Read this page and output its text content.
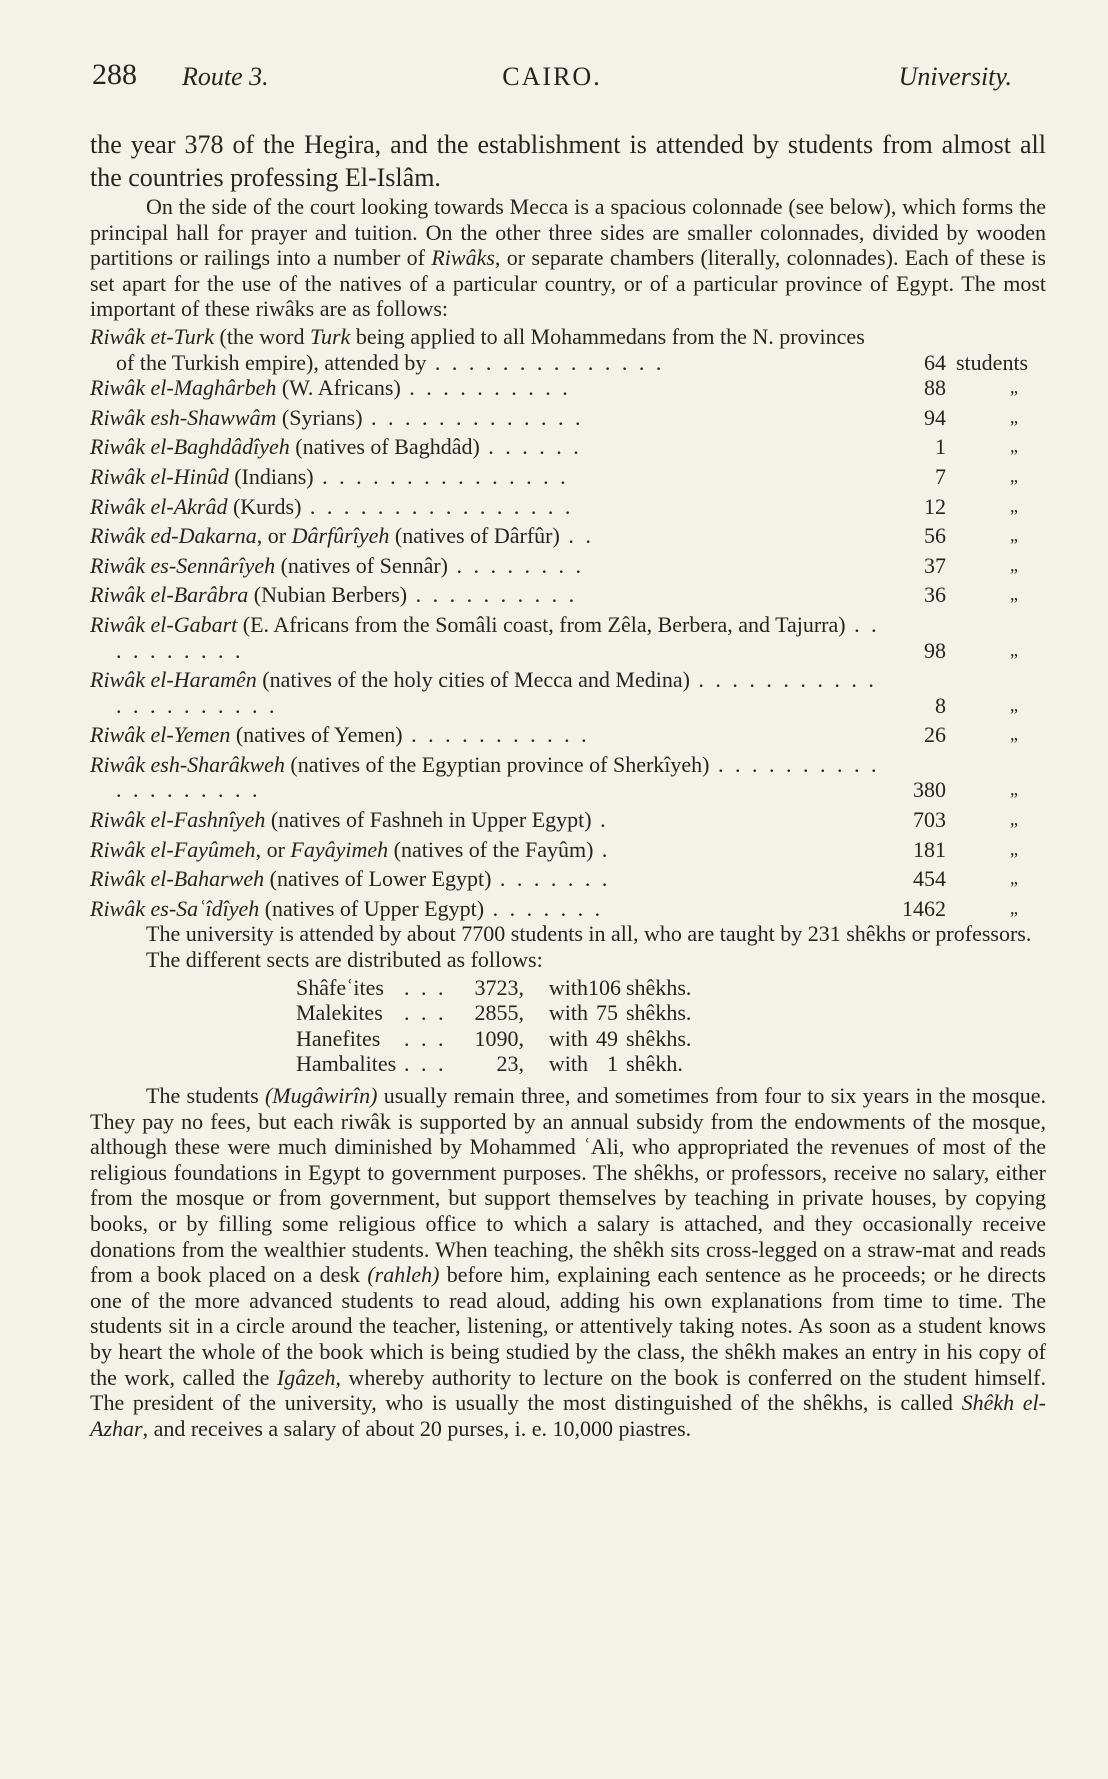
288 Route 3.	CAIRO.	University.

the year 378 of the Hegira, and the establishment is attended by students from almost all the countries professing El-Islâm.

On the side of the court looking towards Mecca is a spacious colonnade (see below), which forms the principal hall for prayer and tuition. On the other three sides are smaller colonnades, divided by wooden partitions or railings into a number of Riwâks, or separate chambers (literally, colonnades). Each of these is set apart for the use of the natives of a particular country, or of a particular province of Egypt. The most important of these riwâks are as follows:

Riwâk et-Turk (the word Turk being applied to all Mohammedans from the N. provinces of the Turkish empire), attended by . . . . . . . . . . . . . .	64 students
Riwâk el-Maghârbeh (W. Africans) . . . . . . . . . .	88	„
Riwâk esh-Shawwâm (Syrians) . . . . . . . . . . . . .	94	„
Riwâk el-Baghdâdîyeh (natives of Baghdâd) . . . . . .	1	„
Riwâk el-Hinûd (Indians) . . . . . . . . . . . . . . .	7	„
Riwâk el-Akrâd (Kurds) . . . . . . . . . . . . . . . .	12	„
Riwâk ed-Dakarna, or Dârfûrîyeh (natives of Dârfûr) . .	56	„
Riwâk es-Sennârîyeh (natives of Sennâr) . . . . . . . .	37	„
Riwâk el-Barâbra (Nubian Berbers) . . . . . . . . . .	36	„
Riwâk el-Gabart (E. Africans from the Somâli coast, from Zêla, Berbera, and Tajurra) . . . . . . . . . .	98	„
Riwâk el-Haramên (natives of the holy cities of Mecca and Medina) . . . . . . . . . . . . . . . . . . . . .	8	„
Riwâk el-Yemen (natives of Yemen) . . . . . . . . . . .	26	„
Riwâk esh-Sharâkweh (natives of the Egyptian province of Sherkîyeh) . . . . . . . . . . . . . . . . . . .	380	„
Riwâk el-Fashnîyeh (natives of Fashneh in Upper Egypt) .	703	„
Riwâk el-Fayûmeh, or Fayâyimeh (natives of the Fayûm) .	181	„
Riwâk el-Baharweh (natives of Lower Egypt) . . . . . . .	454	„
Riwâk es-Saʿîdîyeh (natives of Upper Egypt) . . . . . . .	1462	„

The university is attended by about 7700 students in all, who are taught by 231 shêkhs or professors.

The different sects are distributed as follows:

Shâfeʿites . . .	3723,	with 106 shêkhs.
Malekites . . .	2855,	with 75 shêkhs.
Hanefites	. . .	1090,	with 49 shêkhs.
Hambalites . . .	23,	with 1 shêkh.

The students (Mugâwirîn) usually remain three, and sometimes from four to six years in the mosque. They pay no fees, but each riwâk is supported by an annual subsidy from the endowments of the mosque, although these were much diminished by Mohammed ʿAli, who appropriated the revenues of most of the religious foundations in Egypt to government purposes. The shêkhs, or professors, receive no salary, either from the mosque or from government, but support themselves by teaching in private houses, by copying books, or by filling some religious office to which a salary is attached, and they occasionally receive donations from the wealthier students. When teaching, the shêkh sits cross-legged on a straw-mat and reads from a book placed on a desk (rahleh) before him, explaining each sentence as he proceeds; or he directs one of the more advanced students to read aloud, adding his own explanations from time to time. The students sit in a circle around the teacher, listening, or attentively taking notes. As soon as a student knows by heart the whole of the book which is being studied by the class, the shêkh makes an entry in his copy of the work, called the Igâzeh, whereby authority to lecture on the book is conferred on the student himself. The president of the university, who is usually the most distinguished of the shêkhs, is called Shêkh el-Azhar, and receives a salary of about 20 purses, i. e. 10,000 piastres.
